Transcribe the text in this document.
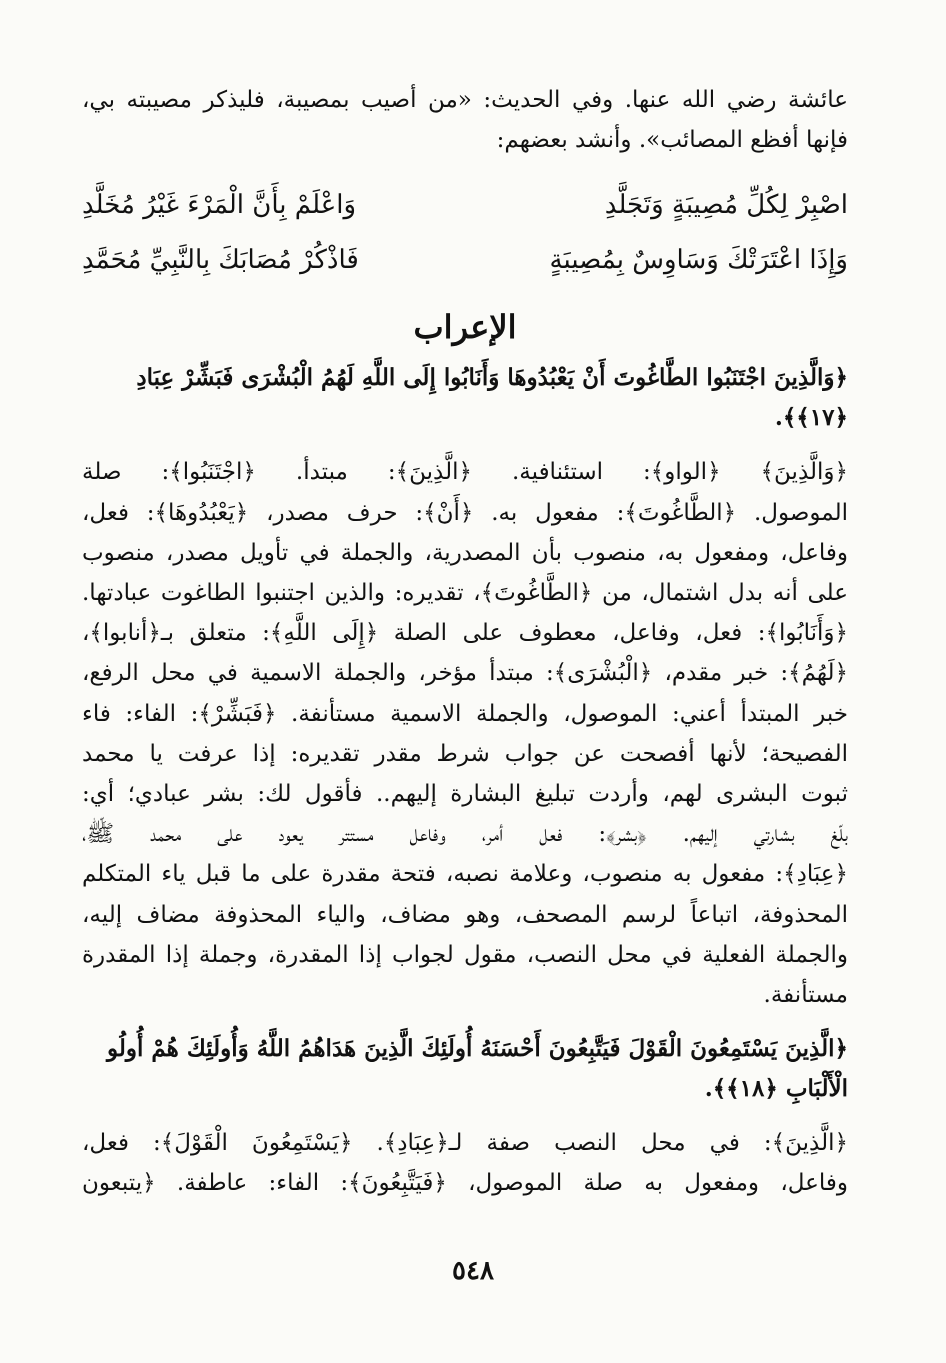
عائشة رضي الله عنها. وفي الحديث: «من أصيب بمصيبة، فليذكر مصيبته بي،

فإنها أفظع المصائب». وأنشد بعضهم:

اصْبِرْ لِكُلِّ مُصِيبَةٍ وَتَجَلَّدِ
وَاعْلَمْ بِأَنَّ الْمَرْءَ غَيْرُ مُخَلَّدِ
وَإِذَا اعْتَرَتْكَ وَسَاوِسٌ بِمُصِيبَةٍ
فَاذْكُرْ مُصَابَكَ بِالنَّبِيِّ مُحَمَّدِ
الإعراب

﴿وَالَّذِينَ اجْتَنَبُوا الطَّاغُوتَ أَنْ يَعْبُدُوهَا وَأَنَابُوا إِلَى اللَّهِ لَهُمُ الْبُشْرَى فَبَشِّرْ عِبَادِ ﴿١٧﴾﴾.

﴿وَالَّذِينَ﴾ ﴿الواو﴾: استئنافية. ﴿الَّذِينَ﴾: مبتدأ. ﴿اجْتَنَبُوا﴾: صلة

الموصول. ﴿الطَّاغُوتَ﴾: مفعول به. ﴿أَنْ﴾: حرف مصدر، ﴿يَعْبُدُوهَا﴾: فعل،

وفاعل، ومفعول به، منصوب بأن المصدرية، والجملة في تأويل مصدر، منصوب

على أنه بدل اشتمال، من ﴿الطَّاغُوتَ﴾، تقديره: والذين اجتنبوا الطاغوت عبادتها.

﴿وَأَنَابُوا﴾: فعل، وفاعل، معطوف على الصلة ﴿إِلَى اللَّهِ﴾: متعلق بـ﴿أنابوا﴾،

﴿لَهُمُ﴾: خبر مقدم، ﴿الْبُشْرَى﴾: مبتدأ مؤخر، والجملة الاسمية في محل الرفع،

خبر المبتدأ أعني: الموصول، والجملة الاسمية مستأنفة. ﴿فَبَشِّرْ﴾: الفاء: فاء

الفصيحة؛ لأنها أفصحت عن جواب شرط مقدر تقديره: إذا عرفت يا محمد

ثبوت البشرى لهم، وأردت تبليغ البشارة إليهم.. فأقول لك: بشر عبادي؛ أي:

بلّغ بشارتي إليهم. ﴿بشر﴾: فعل أمر، وفاعل مستتر يعود على محمد ﷺ،

﴿عِبَادِ﴾: مفعول به منصوب، وعلامة نصبه، فتحة مقدرة على ما قبل ياء المتكلم

المحذوفة، اتباعاً لرسم المصحف، وهو مضاف، والياء المحذوفة مضاف إليه،

والجملة الفعلية في محل النصب، مقول لجواب إذا المقدرة، وجملة إذا المقدرة

مستأنفة.

﴿الَّذِينَ يَسْتَمِعُونَ الْقَوْلَ فَيَتَّبِعُونَ أَحْسَنَهُ أُولَئِكَ الَّذِينَ هَدَاهُمُ اللَّهُ وَأُولَئِكَ هُمْ أُولُو

الْأَلْبَابِ ﴿١٨﴾﴾.

﴿الَّذِينَ﴾: في محل النصب صفة لـ﴿عِبَادِ﴾. ﴿يَسْتَمِعُونَ الْقَوْلَ﴾: فعل،

وفاعل، ومفعول به صلة الموصول، ﴿فَيَتَّبِعُونَ﴾: الفاء: عاطفة. ﴿يتبعون

٥٤٨
